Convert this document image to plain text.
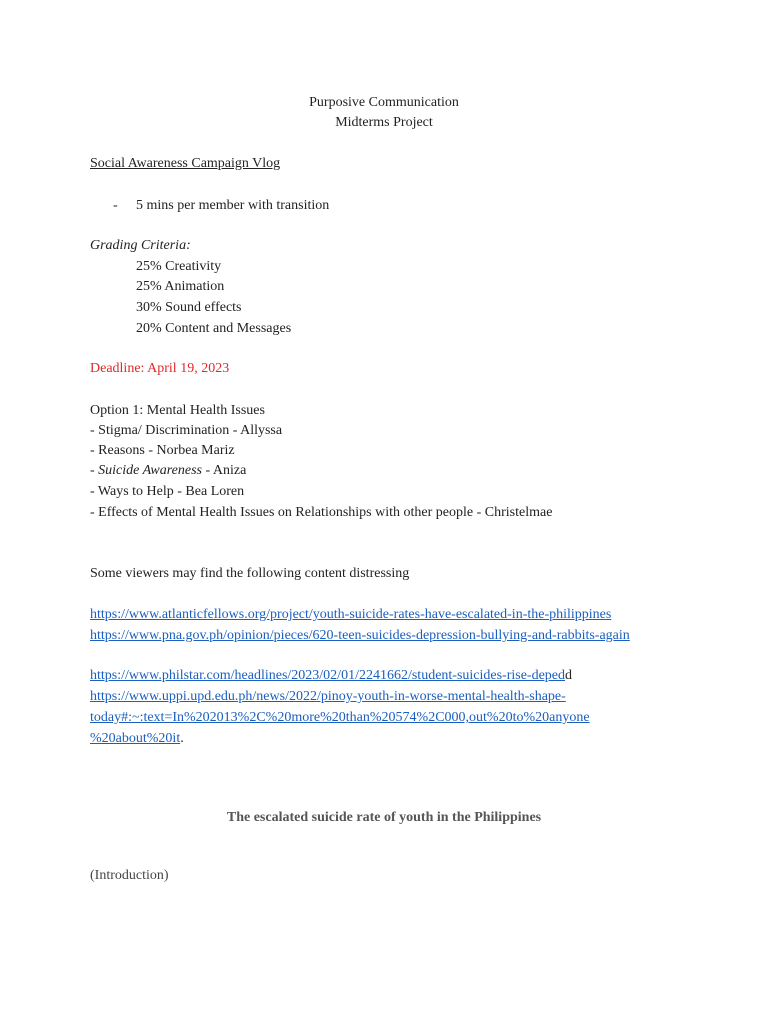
Purposive Communication
Midterms Project
Social Awareness Campaign Vlog
- 5 mins per member with transition
Grading Criteria:
25% Creativity
25% Animation
30% Sound effects
20% Content and Messages
Deadline: April 19, 2023
Option 1: Mental Health Issues
- Stigma/ Discrimination - Allyssa
- Reasons - Norbea Mariz
- Suicide Awareness - Aniza
- Ways to Help - Bea Loren
- Effects of Mental Health Issues on Relationships with other people - Christelmae
Some viewers may find the following content distressing
https://www.atlanticfellows.org/project/youth-suicide-rates-have-escalated-in-the-philippines
https://www.pna.gov.ph/opinion/pieces/620-teen-suicides-depression-bullying-and-rabbits-again
https://www.philstar.com/headlines/2023/02/01/2241662/student-suicides-rise-depedd
https://www.uppi.upd.edu.ph/news/2022/pinoy-youth-in-worse-mental-health-shape-
today#:~:text=In%202013%2C%20more%20than%20574%2C000,out%20to%20anyone
%20about%20it.
The escalated suicide rate of youth in the Philippines
(Introduction)
